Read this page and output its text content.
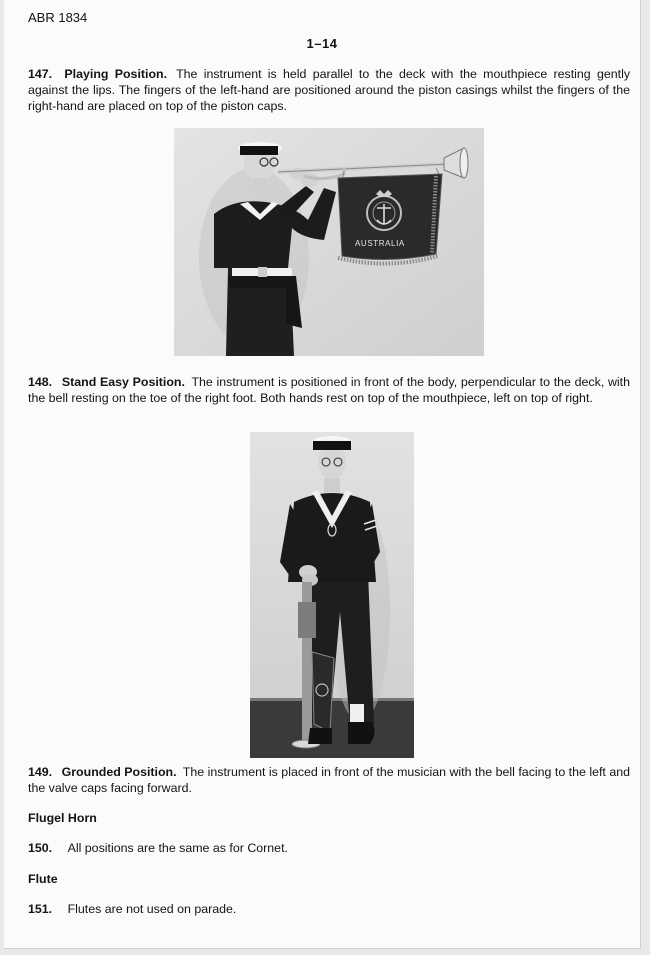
ABR 1834
1–14

147. Playing Position. The instrument is held parallel to the deck with the mouthpiece resting gently against the lips. The fingers of the left-hand are positioned around the piston casings whilst the fingers of the right-hand are placed on top of the piston caps.

AUSTRALIA

148. Stand Easy Position. The instrument is positioned in front of the body, perpendicular to the deck, with the bell resting on the toe of the right foot. Both hands rest on top of the mouthpiece, left on top of right.

149. Grounded Position. The instrument is placed in front of the musician with the bell facing to the left and the valve caps facing forward.

Flugel Horn

150. All positions are the same as for Cornet.

Flute

151. Flutes are not used on parade.
